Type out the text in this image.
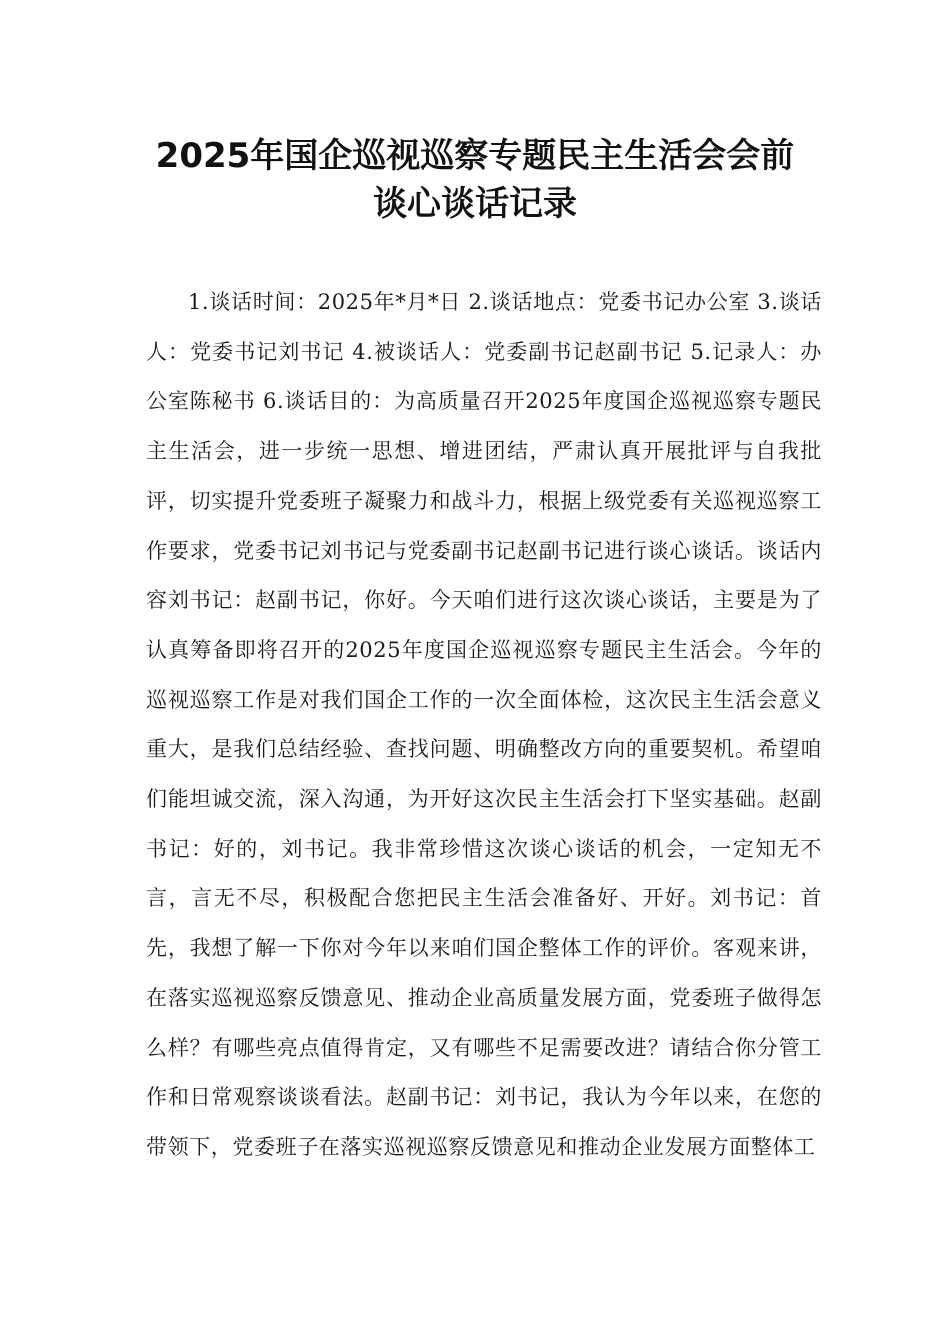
2025年国企巡视巡察专题民主生活会会前
谈心谈话记录

1.谈话时间：2025年*月*日 2.谈话地点：党委书记办公室 3.谈话人：党委书记刘书记 4.被谈话人：党委副书记赵副书记 5.记录人：办公室陈秘书 6.谈话目的：为高质量召开2025年度国企巡视巡察专题民主生活会，进一步统一思想、增进团结，严肃认真开展批评与自我批评，切实提升党委班子凝聚力和战斗力，根据上级党委有关巡视巡察工作要求，党委书记刘书记与党委副书记赵副书记进行谈心谈话。谈话内容刘书记：赵副书记，你好。今天咱们进行这次谈心谈话，主要是为了认真筹备即将召开的2025年度国企巡视巡察专题民主生活会。今年的巡视巡察工作是对我们国企工作的一次全面体检，这次民主生活会意义重大，是我们总结经验、查找问题、明确整改方向的重要契机。希望咱们能坦诚交流，深入沟通，为开好这次民主生活会打下坚实基础。赵副书记：好的，刘书记。我非常珍惜这次谈心谈话的机会，一定知无不言，言无不尽，积极配合您把民主生活会准备好、开好。刘书记：首先，我想了解一下你对今年以来咱们国企整体工作的评价。客观来讲，在落实巡视巡察反馈意见、推动企业高质量发展方面，党委班子做得怎么样？有哪些亮点值得肯定，又有哪些不足需要改进？请结合你分管工作和日常观察谈谈看法。赵副书记：刘书记，我认为今年以来，在您的带领下，党委班子在落实巡视巡察反馈意见和推动企业发展方面整体工
